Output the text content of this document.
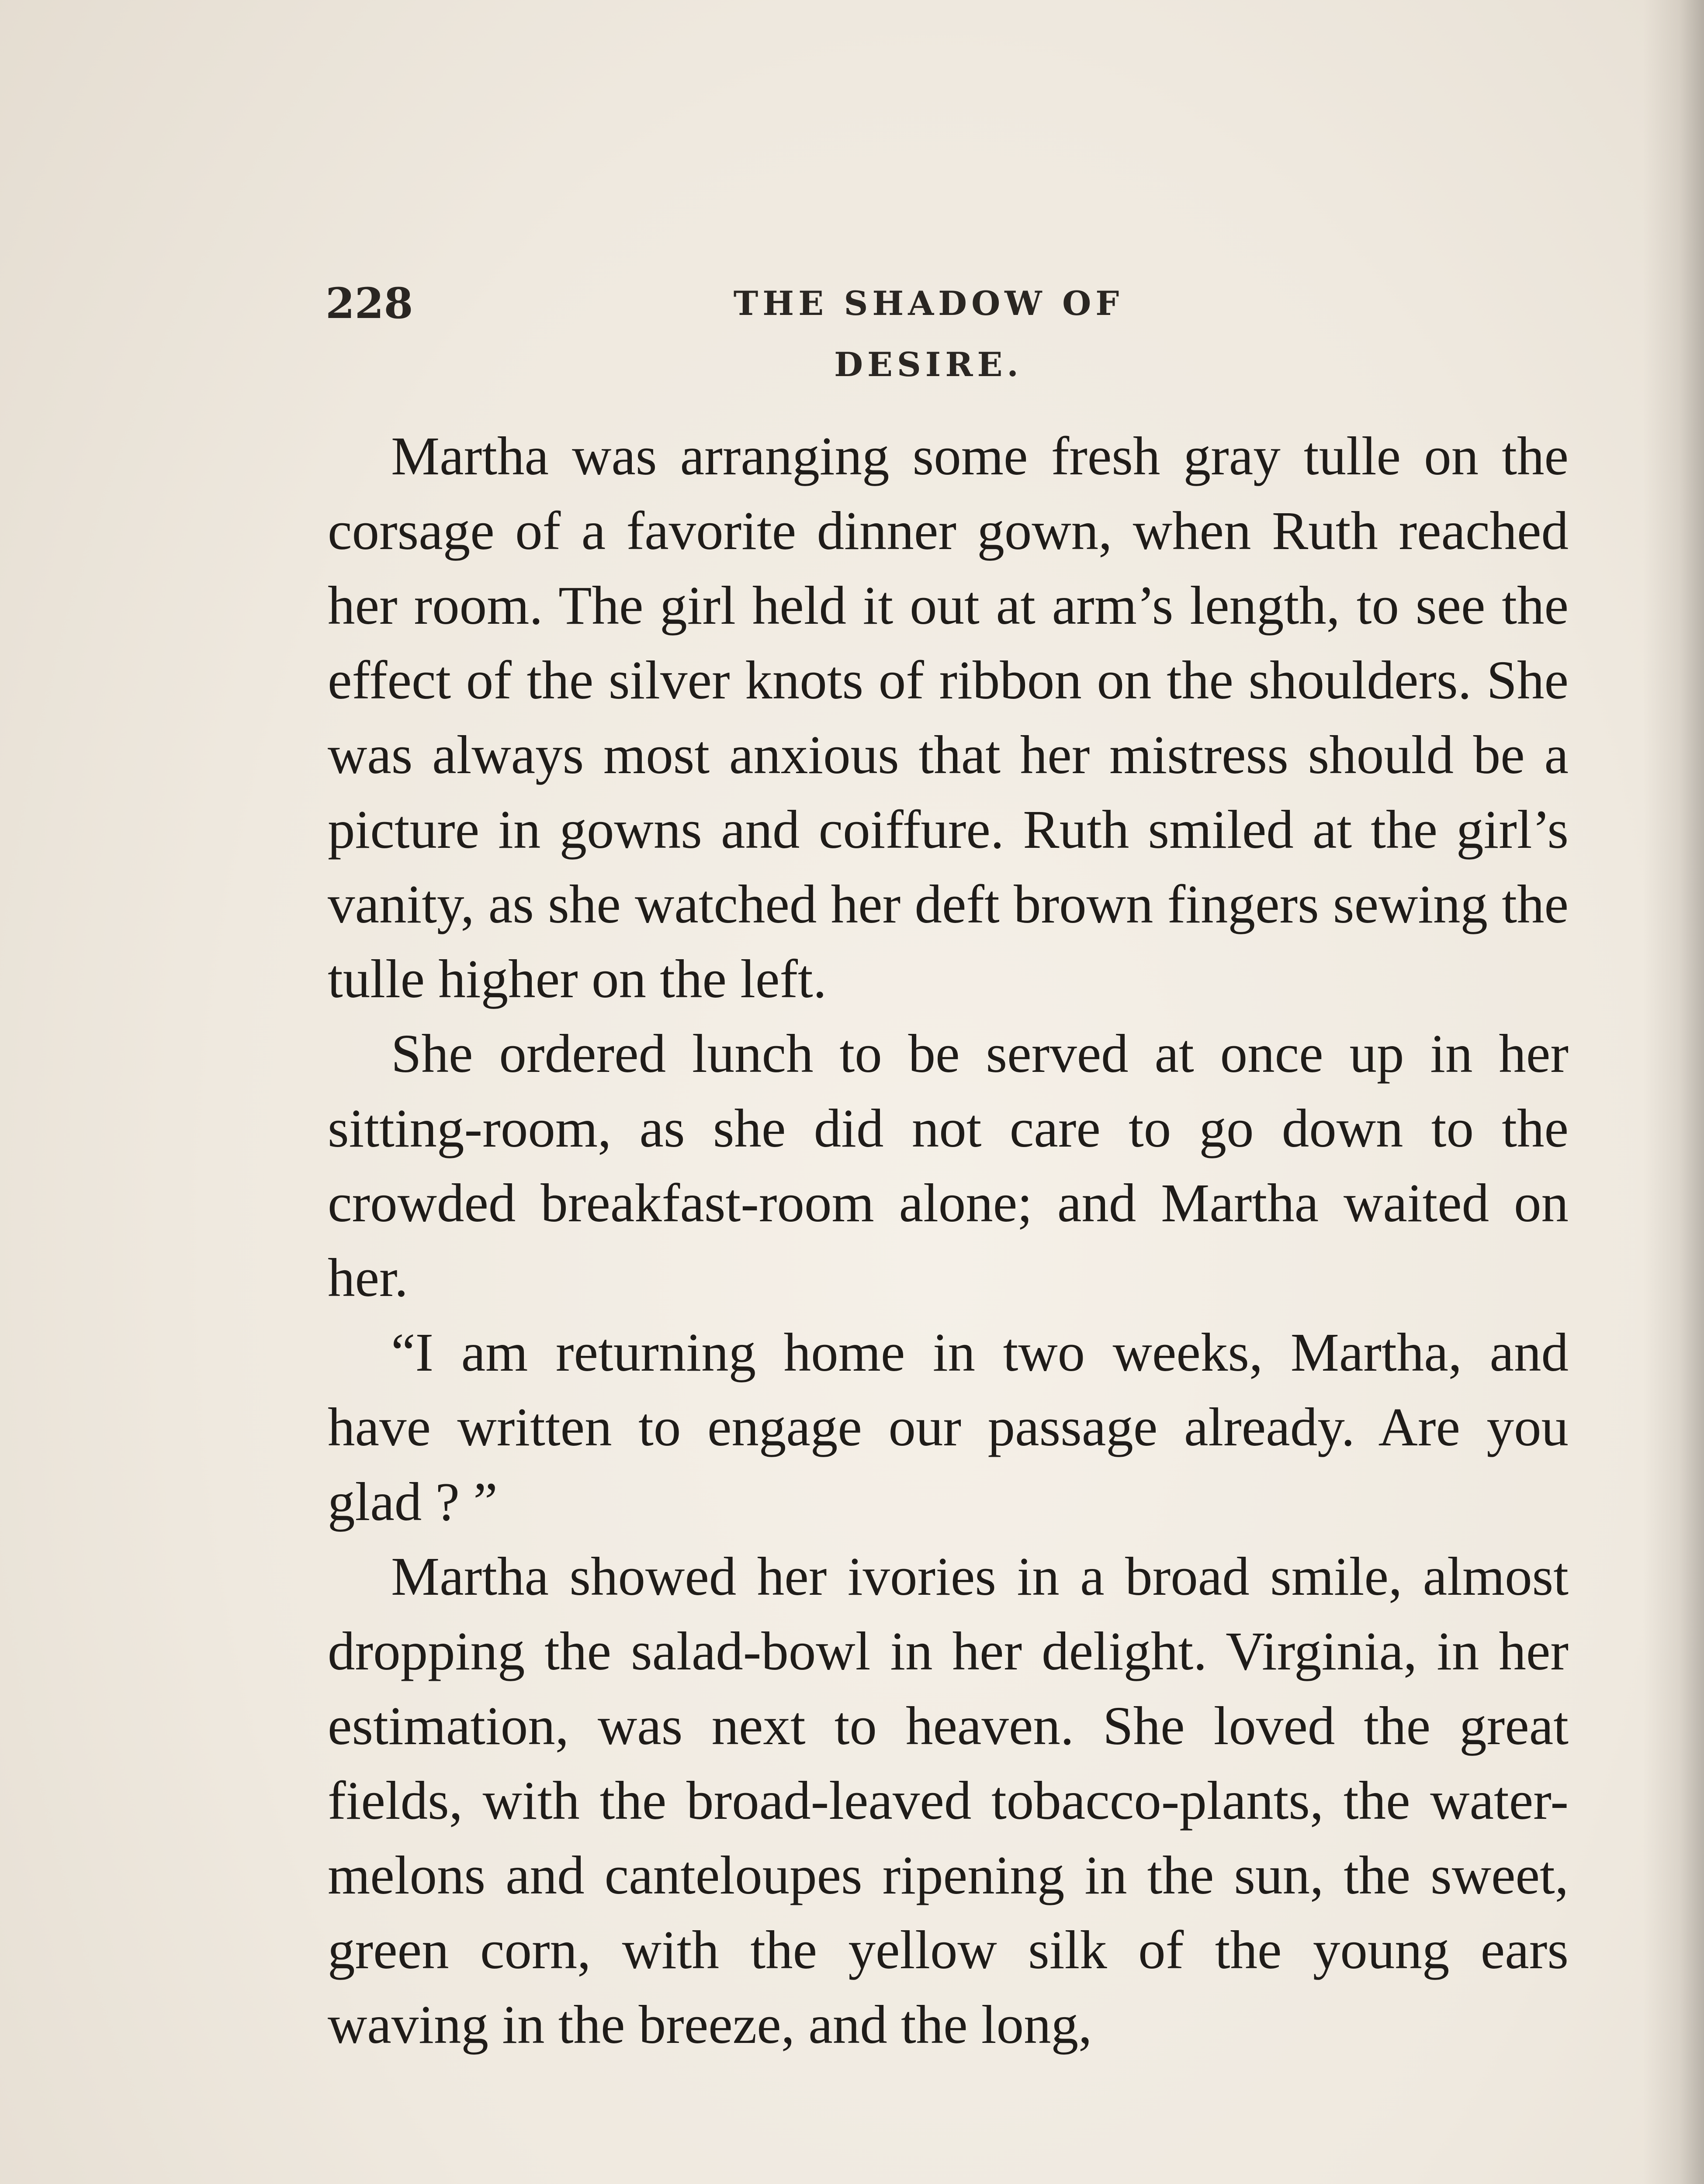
228	THE SHADOW OF DESIRE.

Martha was arranging some fresh gray tulle on the corsage of a favorite dinner gown, when Ruth reached her room. The girl held it out at arm’s length, to see the effect of the silver knots of ribbon on the shoulders. She was always most anxious that her mistress should be a picture in gowns and coiffure. Ruth smiled at the girl’s vanity, as she watched her deft brown fingers sewing the tulle higher on the left.

She ordered lunch to be served at once up in her sitting-room, as she did not care to go down to the crowded breakfast-room alone; and Martha waited on her.

“I am returning home in two weeks, Martha, and have written to engage our passage already. Are you glad ? ”

Martha showed her ivories in a broad smile, almost dropping the salad-bowl in her delight. Virginia, in her estimation, was next to heaven. She loved the great fields, with the broad-leaved tobacco-plants, the water-melons and canteloupes ripening in the sun, the sweet, green corn, with the yellow silk of the young ears waving in the breeze, and the long,
